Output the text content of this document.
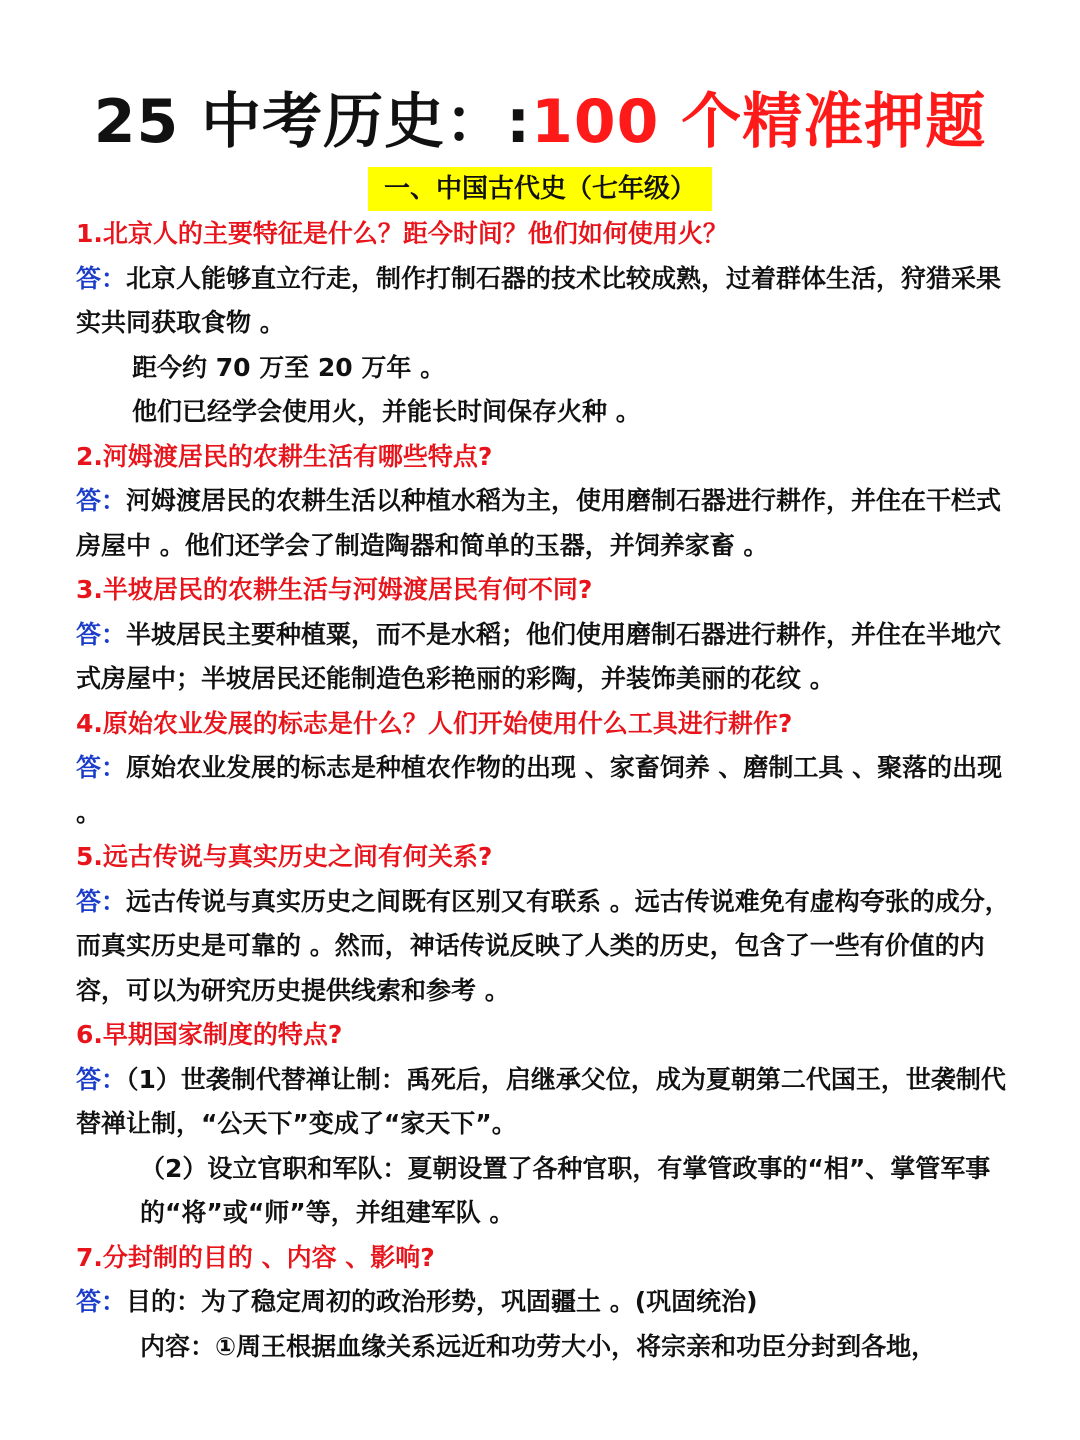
25 中考历史：:100 个精准押题
一、中国古代史（七年级）

1.北京人的主要特征是什么？距今时间？他们如何使用火？

答：北京人能够直立行走，制作打制石器的技术比较成熟，过着群体生活，狩猎采果实共同获取食物 。

距今约 70 万至 20 万年 。

他们已经学会使用火，并能长时间保存火种 。

2.河姆渡居民的农耕生活有哪些特点?

答：河姆渡居民的农耕生活以种植水稻为主，使用磨制石器进行耕作，并住在干栏式房屋中 。他们还学会了制造陶器和简单的玉器，并饲养家畜 。

3.半坡居民的农耕生活与河姆渡居民有何不同?

答：半坡居民主要种植粟，而不是水稻；他们使用磨制石器进行耕作，并住在半地穴式房屋中；半坡居民还能制造色彩艳丽的彩陶，并装饰美丽的花纹 。

4.原始农业发展的标志是什么？人们开始使用什么工具进行耕作?

答：原始农业发展的标志是种植农作物的出现 、家畜饲养 、磨制工具 、聚落的出现 。

5.远古传说与真实历史之间有何关系?

答：远古传说与真实历史之间既有区别又有联系 。远古传说难免有虚构夸张的成分，而真实历史是可靠的 。然而，神话传说反映了人类的历史，包含了一些有价值的内容，可以为研究历史提供线索和参考 。

6.早期国家制度的特点?

答：（1）世袭制代替禅让制：禹死后，启继承父位，成为夏朝第二代国王，世袭制代替禅让制，“公天下”变成了“家天下”。

（2）设立官职和军队：夏朝设置了各种官职，有掌管政事的“相”、掌管军事的“将”或“师”等，并组建军队 。

7.分封制的目的 、内容 、影响?

答：目的：为了稳定周初的政治形势，巩固疆土 。(巩固统治)

内容：①周王根据血缘关系远近和功劳大小，将宗亲和功臣分封到各地，
